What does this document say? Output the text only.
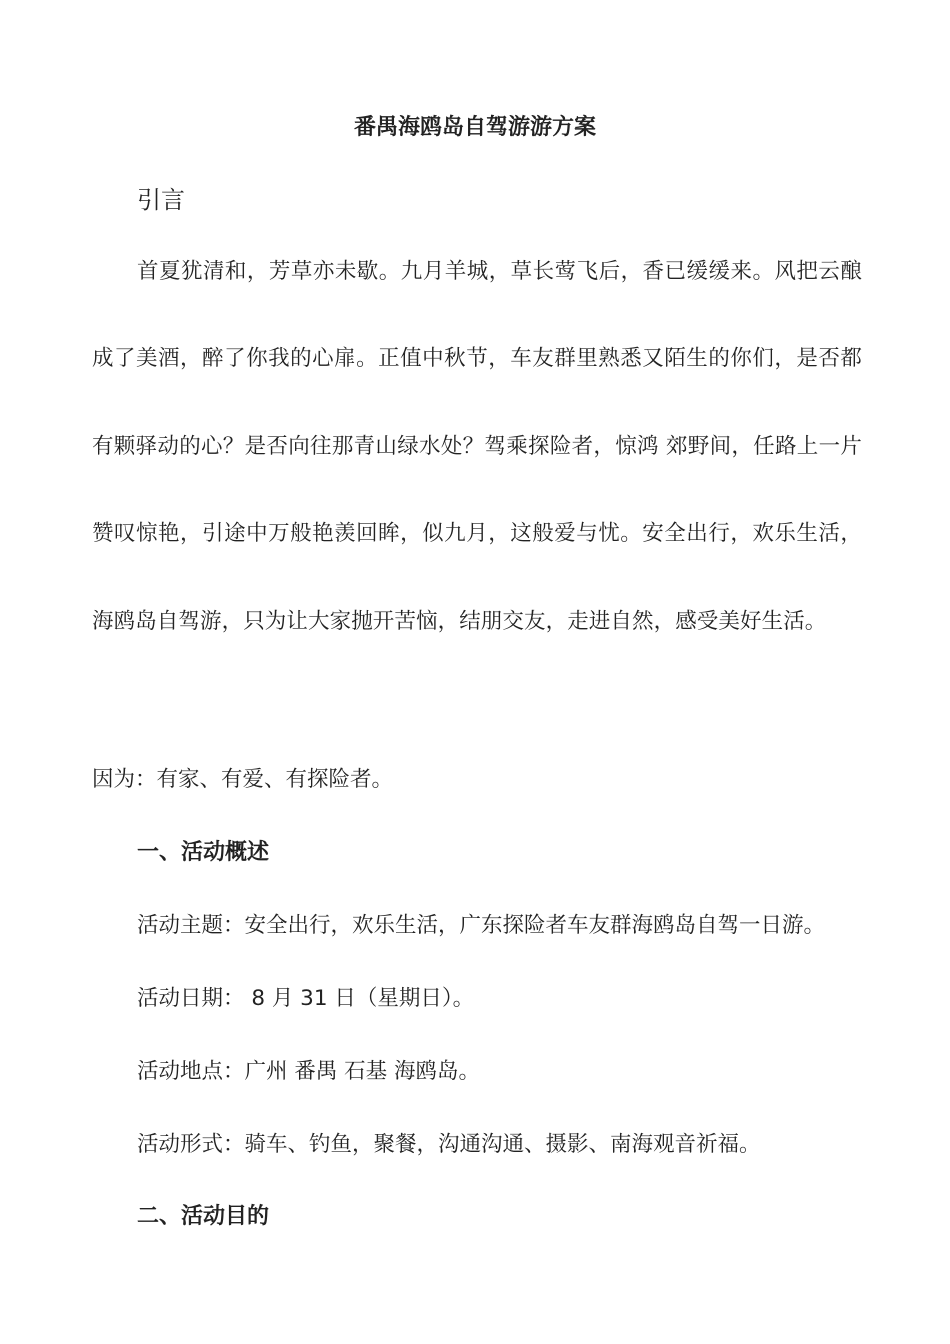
番禺海鸥岛自驾游游方案
引言
首夏犹清和，芳草亦未歇。九月羊城，草长莺飞后，香已缓缓来。风把云酿成了美酒，醉了你我的心扉。正值中秋节，车友群里熟悉又陌生的你们，是否都有颗驿动的心？是否向往那青山绿水处？驾乘探险者，惊鸿 郊野间，任路上一片赞叹惊艳，引途中万般艳羡回眸，似九月，这般爱与忧。安全出行，欢乐生活，海鸥岛自驾游，只为让大家抛开苦恼，结朋交友，走进自然，感受美好生活。
因为：有家、有爱、有探险者。
一、活动概述
活动主题：安全出行，欢乐生活，广东探险者车友群海鸥岛自驾一日游。
活动日期： 8 月 31 日（星期日）。
活动地点：广州 番禺 石基 海鸥岛。
活动形式：骑车、钓鱼，聚餐，沟通沟通、摄影、南海观音祈福。
二、活动目的
